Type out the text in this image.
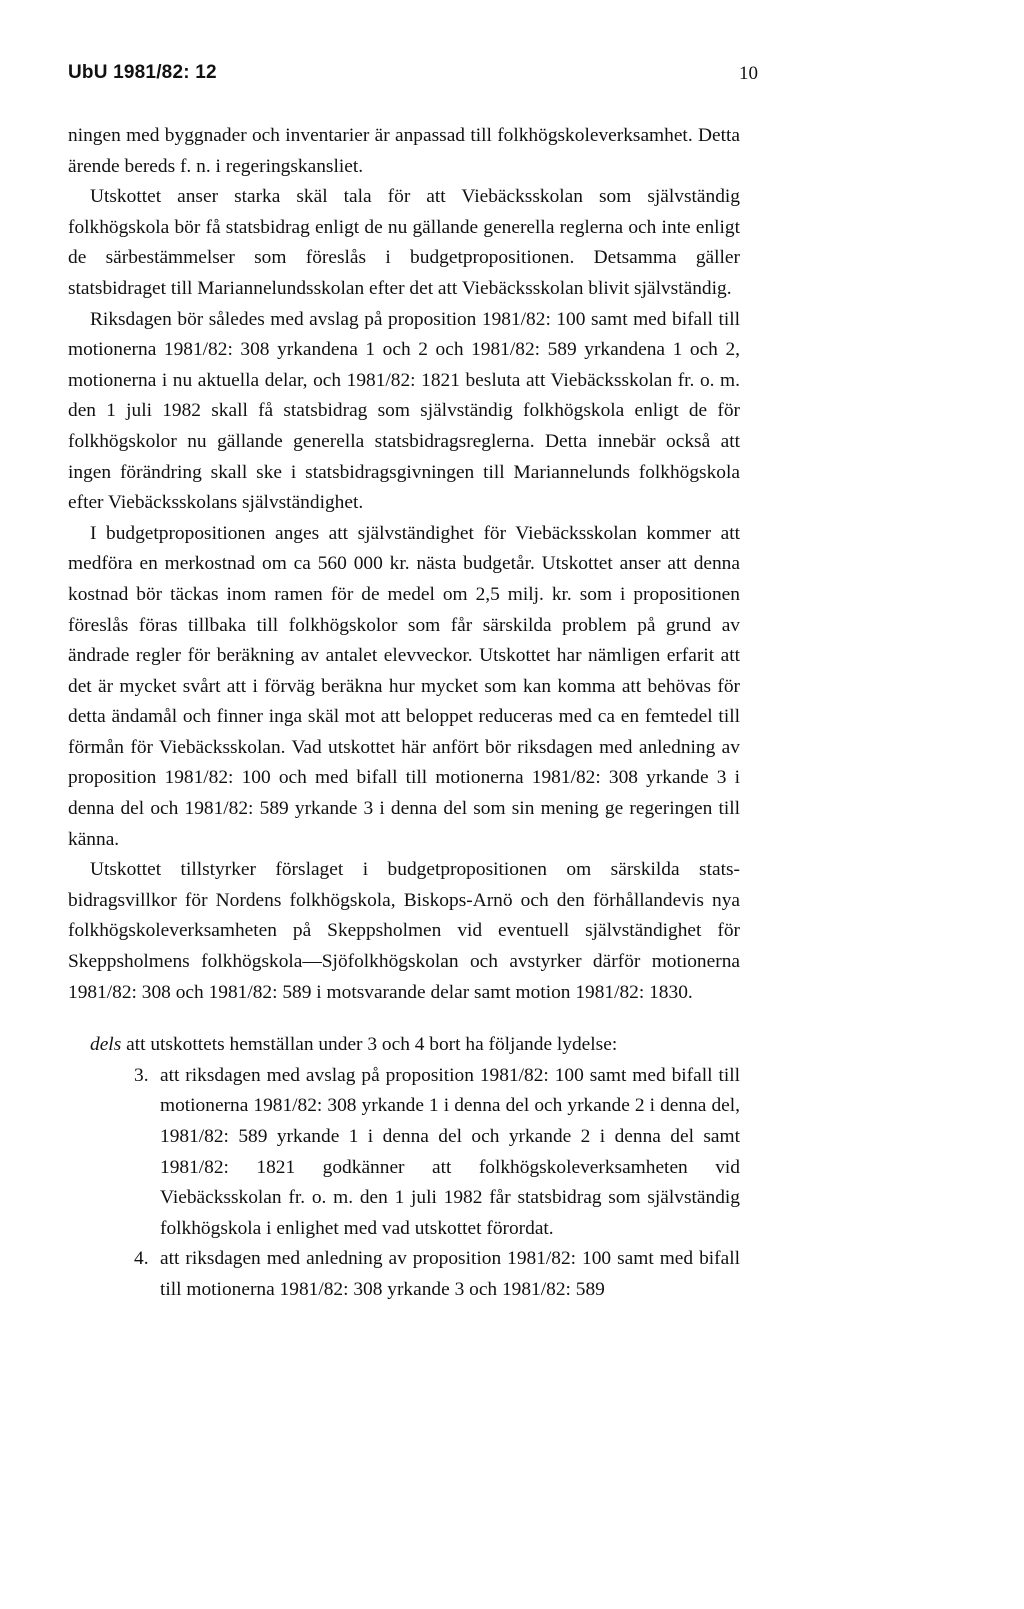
UbU 1981/82: 12	10

ningen med byggnader och inventarier är anpassad till folkhögskoleverksamhet. Detta ärende bereds f. n. i regeringskansliet.

Utskottet anser starka skäl tala för att Viebäcksskolan som självständig folkhögskola bör få statsbidrag enligt de nu gällande generella reglerna och inte enligt de särbestämmelser som föreslås i budgetpropositionen. Detsamma gäller statsbidraget till Mariannelundsskolan efter det att Viebäcksskolan blivit självständig.

Riksdagen bör således med avslag på proposition 1981/82: 100 samt med bifall till motionerna 1981/82: 308 yrkandena 1 och 2 och 1981/82: 589 yrkandena 1 och 2, motionerna i nu aktuella delar, och 1981/82: 1821 besluta att Viebäcksskolan fr. o. m. den 1 juli 1982 skall få statsbidrag som självständig folkhögskola enligt de för folkhögskolor nu gällande generella statsbidragsreglerna. Detta innebär också att ingen förändring skall ske i statsbidragsgivningen till Mariannelunds folkhögskola efter Viebäcksskolans självständighet.

I budgetpropositionen anges att självständighet för Viebäcksskolan kommer att medföra en merkostnad om ca 560 000 kr. nästa budgetår. Utskottet anser att denna kostnad bör täckas inom ramen för de medel om 2,5 milj. kr. som i propositionen föreslås föras tillbaka till folkhögskolor som får särskilda problem på grund av ändrade regler för beräkning av antalet elevveckor. Utskottet har nämligen erfarit att det är mycket svårt att i förväg beräkna hur mycket som kan komma att behövas för detta ändamål och finner inga skäl mot att beloppet reduceras med ca en femtedel till förmån för Viebäcksskolan. Vad utskottet här anfört bör riksdagen med anledning av proposition 1981/82: 100 och med bifall till motionerna 1981/82: 308 yrkande 3 i denna del och 1981/82: 589 yrkande 3 i denna del som sin mening ge regeringen till känna.

Utskottet tillstyrker förslaget i budgetpropositionen om särskilda statsbidragsvillkor för Nordens folkhögskola, Biskops-Arnö och den förhållandevis nya folkhögskoleverksamheten på Skeppsholmen vid eventuell självständighet för Skeppsholmens folkhögskola—Sjöfolkhögskolan och avstyrker därför motionerna 1981/82: 308 och 1981/82: 589 i motsvarande delar samt motion 1981/82: 1830.

dels att utskottets hemställan under 3 och 4 bort ha följande lydelse:

3. att riksdagen med avslag på proposition 1981/82: 100 samt med bifall till motionerna 1981/82: 308 yrkande 1 i denna del och yrkande 2 i denna del, 1981/82: 589 yrkande 1 i denna del och yrkande 2 i denna del samt 1981/82: 1821 godkänner att folkhögskoleverksamheten vid Viebäcksskolan fr. o. m. den 1 juli 1982 får statsbidrag som självständig folkhögskola i enlighet med vad utskottet förordat.
4. att riksdagen med anledning av proposition 1981/82: 100 samt med bifall till motionerna 1981/82: 308 yrkande 3 och 1981/82: 589
